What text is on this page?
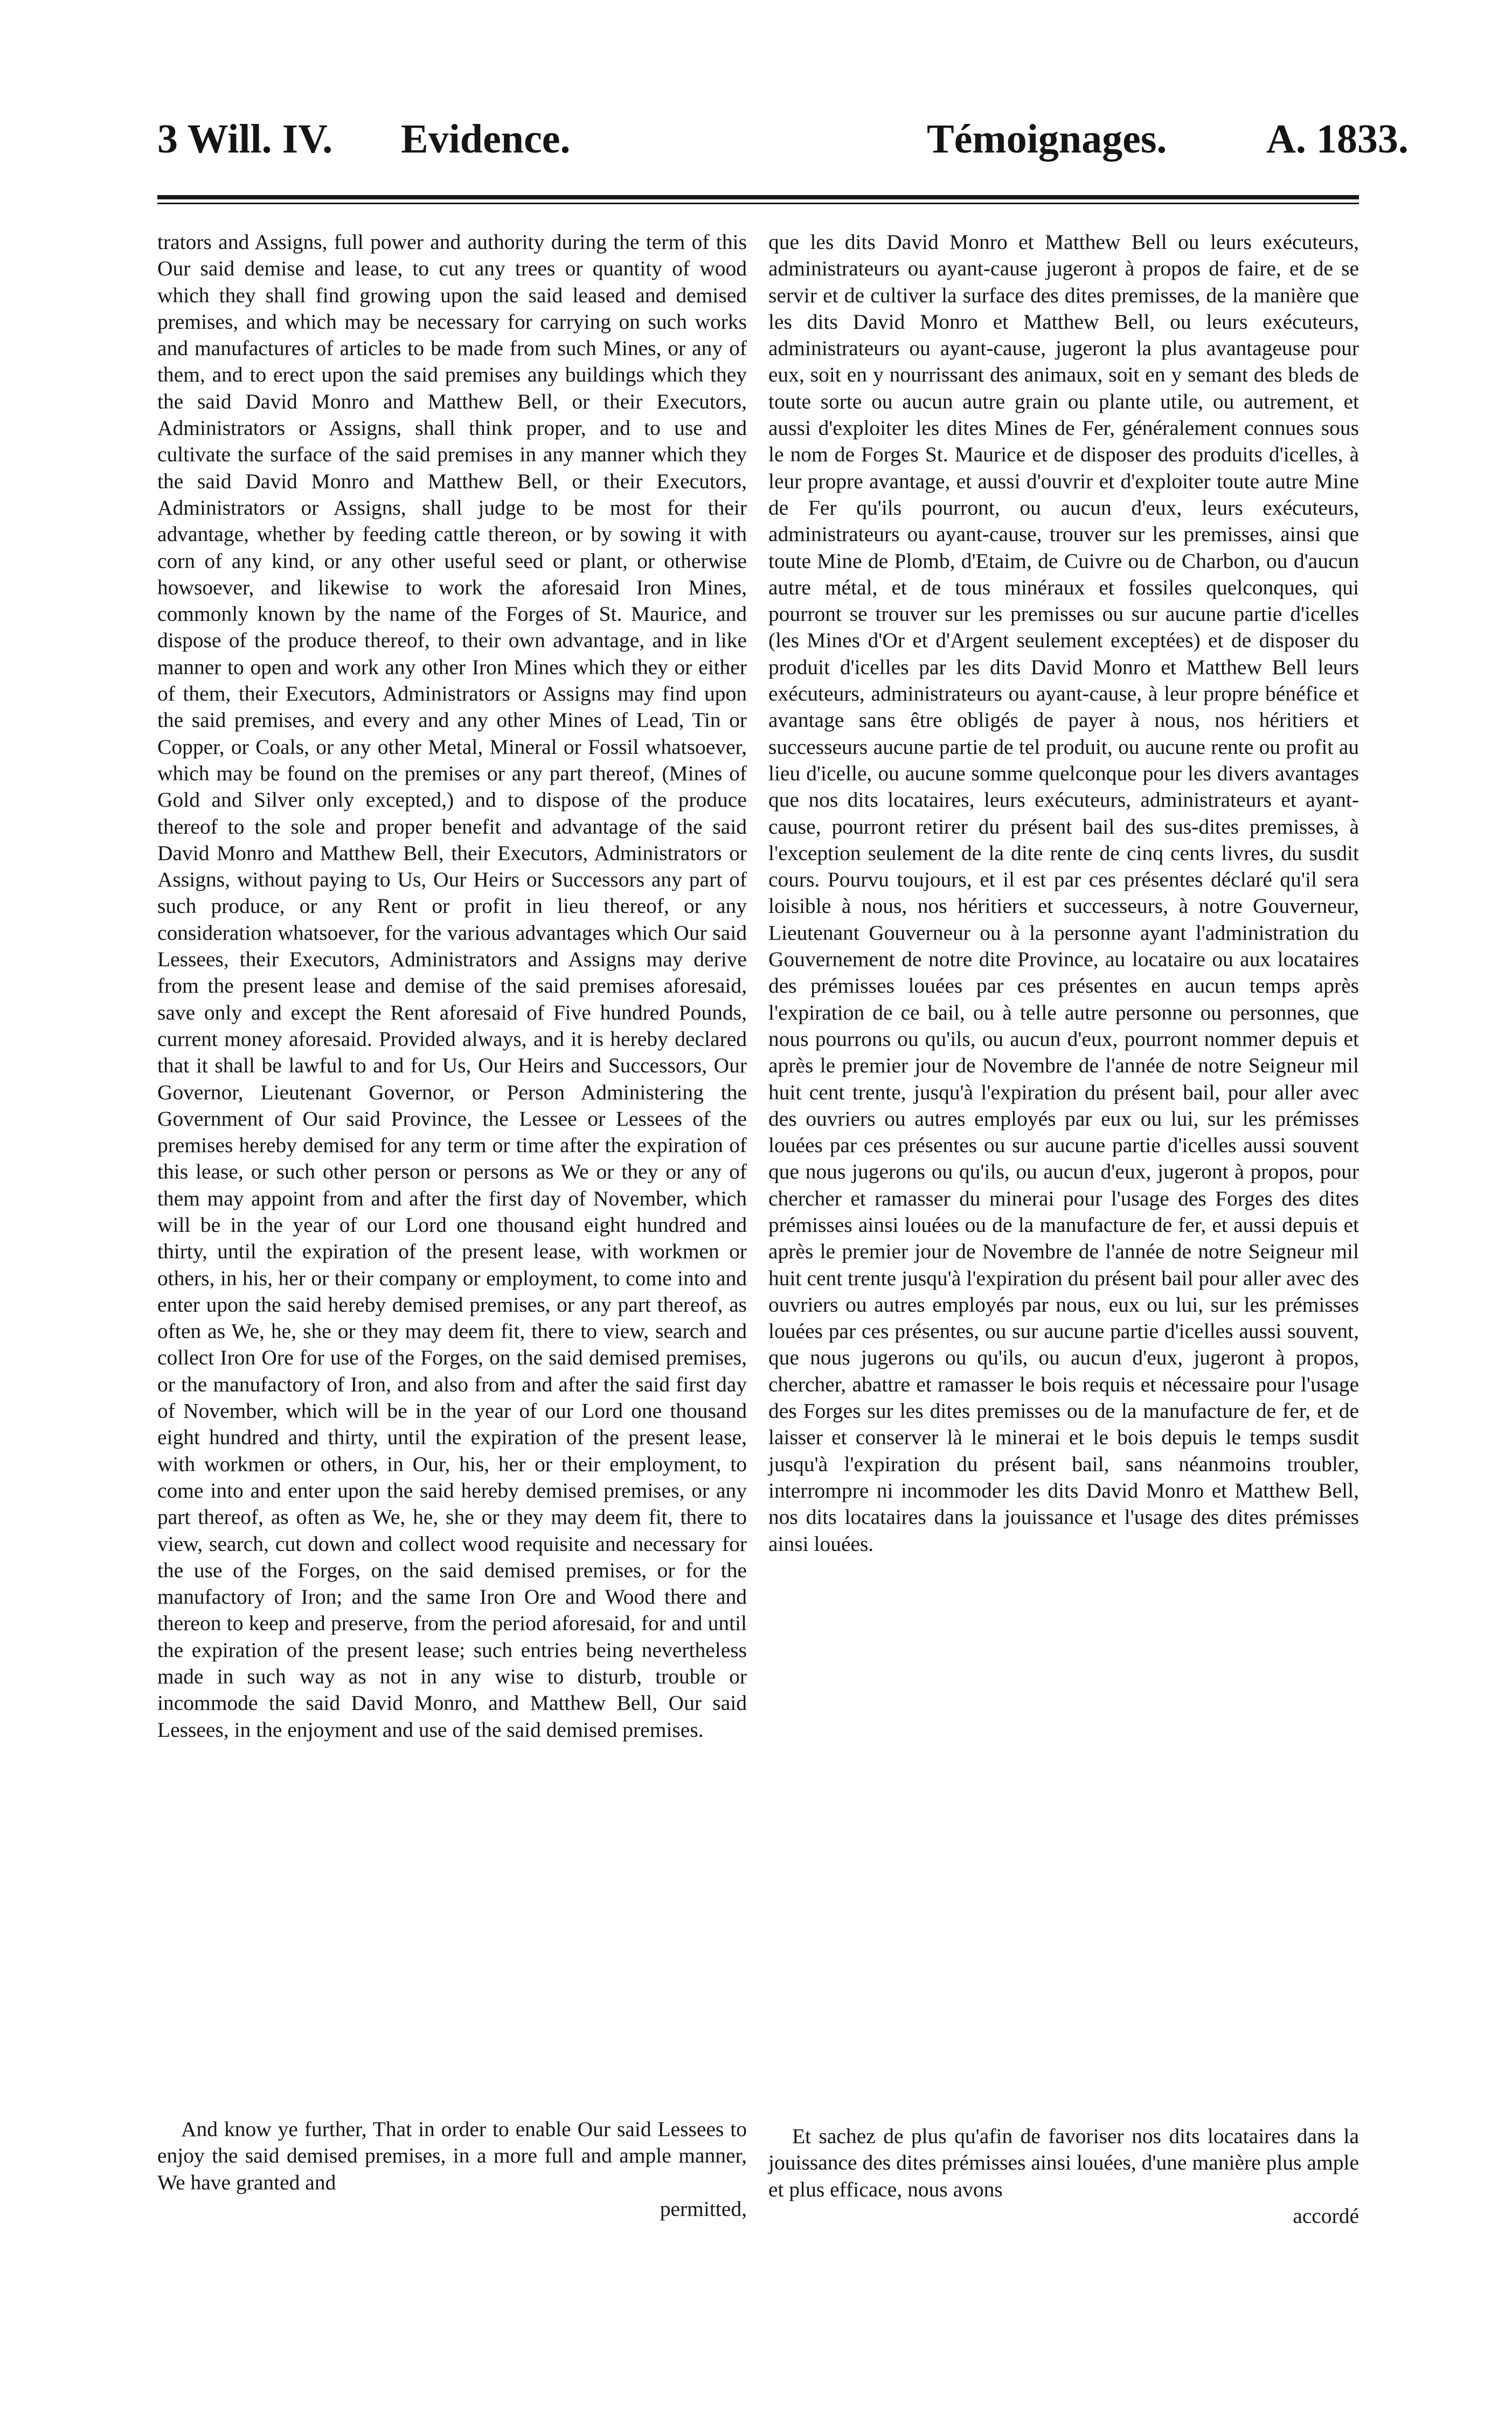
3 Will. IV. Evidence.	Témoignages. A. 1833.

trators and Assigns, full power and authority during the term of this Our said demise and lease, to cut any trees or quantity of wood which they shall find growing upon the said leased and demised premises, and which may be necessary for carrying on such works and manufactures of articles to be made from such Mines, or any of them, and to erect upon the said premises any buildings which they the said David Monro and Matthew Bell, or their Executors, Administrators or Assigns, shall think proper, and to use and cultivate the surface of the said premises in any manner which they the said David Monro and Matthew Bell, or their Executors, Administrators or Assigns, shall judge to be most for their advantage, whether by feeding cattle thereon, or by sowing it with corn of any kind, or any other useful seed or plant, or otherwise howsoever, and likewise to work the aforesaid Iron Mines, commonly known by the name of the Forges of St. Maurice, and dispose of the produce thereof, to their own advantage, and in like manner to open and work any other Iron Mines which they or either of them, their Executors, Administrators or Assigns may find upon the said premises, and every and any other Mines of Lead, Tin or Copper, or Coals, or any other Metal, Mineral or Fossil whatsoever, which may be found on the premises or any part thereof, (Mines of Gold and Silver only excepted,) and to dispose of the produce thereof to the sole and proper benefit and advantage of the said David Monro and Matthew Bell, their Executors, Administrators or Assigns, without paying to Us, Our Heirs or Successors any part of such produce, or any Rent or profit in lieu thereof, or any consideration whatsoever, for the various advantages which Our said Lessees, their Executors, Administrators and Assigns may derive from the present lease and demise of the said premises aforesaid, save only and except the Rent aforesaid of Five hundred Pounds, current money aforesaid. Provided always, and it is hereby declared that it shall be lawful to and for Us, Our Heirs and Successors, Our Governor, Lieutenant Governor, or Person Administering the Government of Our said Province, the Lessee or Lessees of the premises hereby demised for any term or time after the expiration of this lease, or such other person or persons as We or they or any of them may appoint from and after the first day of November, which will be in the year of our Lord one thousand eight hundred and thirty, until the expiration of the present lease, with workmen or others, in his, her or their company or employment, to come into and enter upon the said hereby demised premises, or any part thereof, as often as We, he, she or they may deem fit, there to view, search and collect Iron Ore for use of the Forges, on the said demised premises, or the manufactory of Iron, and also from and after the said first day of November, which will be in the year of our Lord one thousand eight hundred and thirty, until the expiration of the present lease, with workmen or others, in Our, his, her or their employment, to come into and enter upon the said hereby demised premises, or any part thereof, as often as We, he, she or they may deem fit, there to view, search, cut down and collect wood requisite and necessary for the use of the Forges, on the said demised premises, or for the manufactory of Iron; and the same Iron Ore and Wood there and thereon to keep and preserve, from the period aforesaid, for and until the expiration of the present lease; such entries being nevertheless made in such way as not in any wise to disturb, trouble or incommode the said David Monro, and Matthew Bell, Our said Lessees, in the enjoyment and use of the said demised premises.

que les dits David Monro et Matthew Bell ou leurs exécuteurs, administrateurs ou ayant-cause jugeront à propos de faire, et de se servir et de cultiver la surface des dites premisses, de la manière que les dits David Monro et Matthew Bell, ou leurs exécuteurs, administrateurs ou ayant-cause, jugeront la plus avantageuse pour eux, soit en y nourrissant des animaux, soit en y semant des bleds de toute sorte ou aucun autre grain ou plante utile, ou autrement, et aussi d'exploiter les dites Mines de Fer, généralement connues sous le nom de Forges St. Maurice et de disposer des produits d'icelles, à leur propre avantage, et aussi d'ouvrir et d'exploiter toute autre Mine de Fer qu'ils pourront, ou aucun d'eux, leurs exécuteurs, administrateurs ou ayant-cause, trouver sur les premisses, ainsi que toute Mine de Plomb, d'Etaim, de Cuivre ou de Charbon, ou d'aucun autre métal, et de tous minéraux et fossiles quelconques, qui pourront se trouver sur les premisses ou sur aucune partie d'icelles (les Mines d'Or et d'Argent seulement exceptées) et de disposer du produit d'icelles par les dits David Monro et Matthew Bell leurs exécuteurs, administrateurs ou ayant-cause, à leur propre bénéfice et avantage sans être obligés de payer à nous, nos héritiers et successeurs aucune partie de tel produit, ou aucune rente ou profit au lieu d'icelle, ou aucune somme quelconque pour les divers avantages que nos dits locataires, leurs exécuteurs, administrateurs et ayant-cause, pourront retirer du présent bail des sus-dites premisses, à l'exception seulement de la dite rente de cinq cents livres, du susdit cours. Pourvu toujours, et il est par ces présentes déclaré qu'il sera loisible à nous, nos héritiers et successeurs, à notre Gouverneur, Lieutenant Gouverneur ou à la personne ayant l'administration du Gouvernement de notre dite Province, au locataire ou aux locataires des prémisses louées par ces présentes en aucun temps après l'expiration de ce bail, ou à telle autre personne ou personnes, que nous pourrons ou qu'ils, ou aucun d'eux, pourront nommer depuis et après le premier jour de Novembre de l'année de notre Seigneur mil huit cent trente, jusqu'à l'expiration du présent bail, pour aller avec des ouvriers ou autres employés par eux ou lui, sur les prémisses louées par ces présentes ou sur aucune partie d'icelles aussi souvent que nous jugerons ou qu'ils, ou aucun d'eux, jugeront à propos, pour chercher et ramasser du minerai pour l'usage des Forges des dites prémisses ainsi louées ou de la manufacture de fer, et aussi depuis et après le premier jour de Novembre de l'année de notre Seigneur mil huit cent trente jusqu'à l'expiration du présent bail pour aller avec des ouvriers ou autres employés par nous, eux ou lui, sur les prémisses louées par ces présentes, ou sur aucune partie d'icelles aussi souvent, que nous jugerons ou qu'ils, ou aucun d'eux, jugeront à propos, chercher, abattre et ramasser le bois requis et nécessaire pour l'usage des Forges sur les dites premisses ou de la manufacture de fer, et de laisser et conserver là le minerai et le bois depuis le temps susdit jusqu'à l'expiration du présent bail, sans néanmoins troubler, interrompre ni incommoder les dits David Monro et Matthew Bell, nos dits locataires dans la jouissance et l'usage des dites prémisses ainsi louées.

And know ye further, That in order to enable Our said Lessees to enjoy the said demised premises, in a more full and ample manner, We have granted and

permitted,

Et sachez de plus qu'afin de favoriser nos dits locataires dans la jouissance des dites prémisses ainsi louées, d'une manière plus ample et plus efficace, nous avons

accordé
